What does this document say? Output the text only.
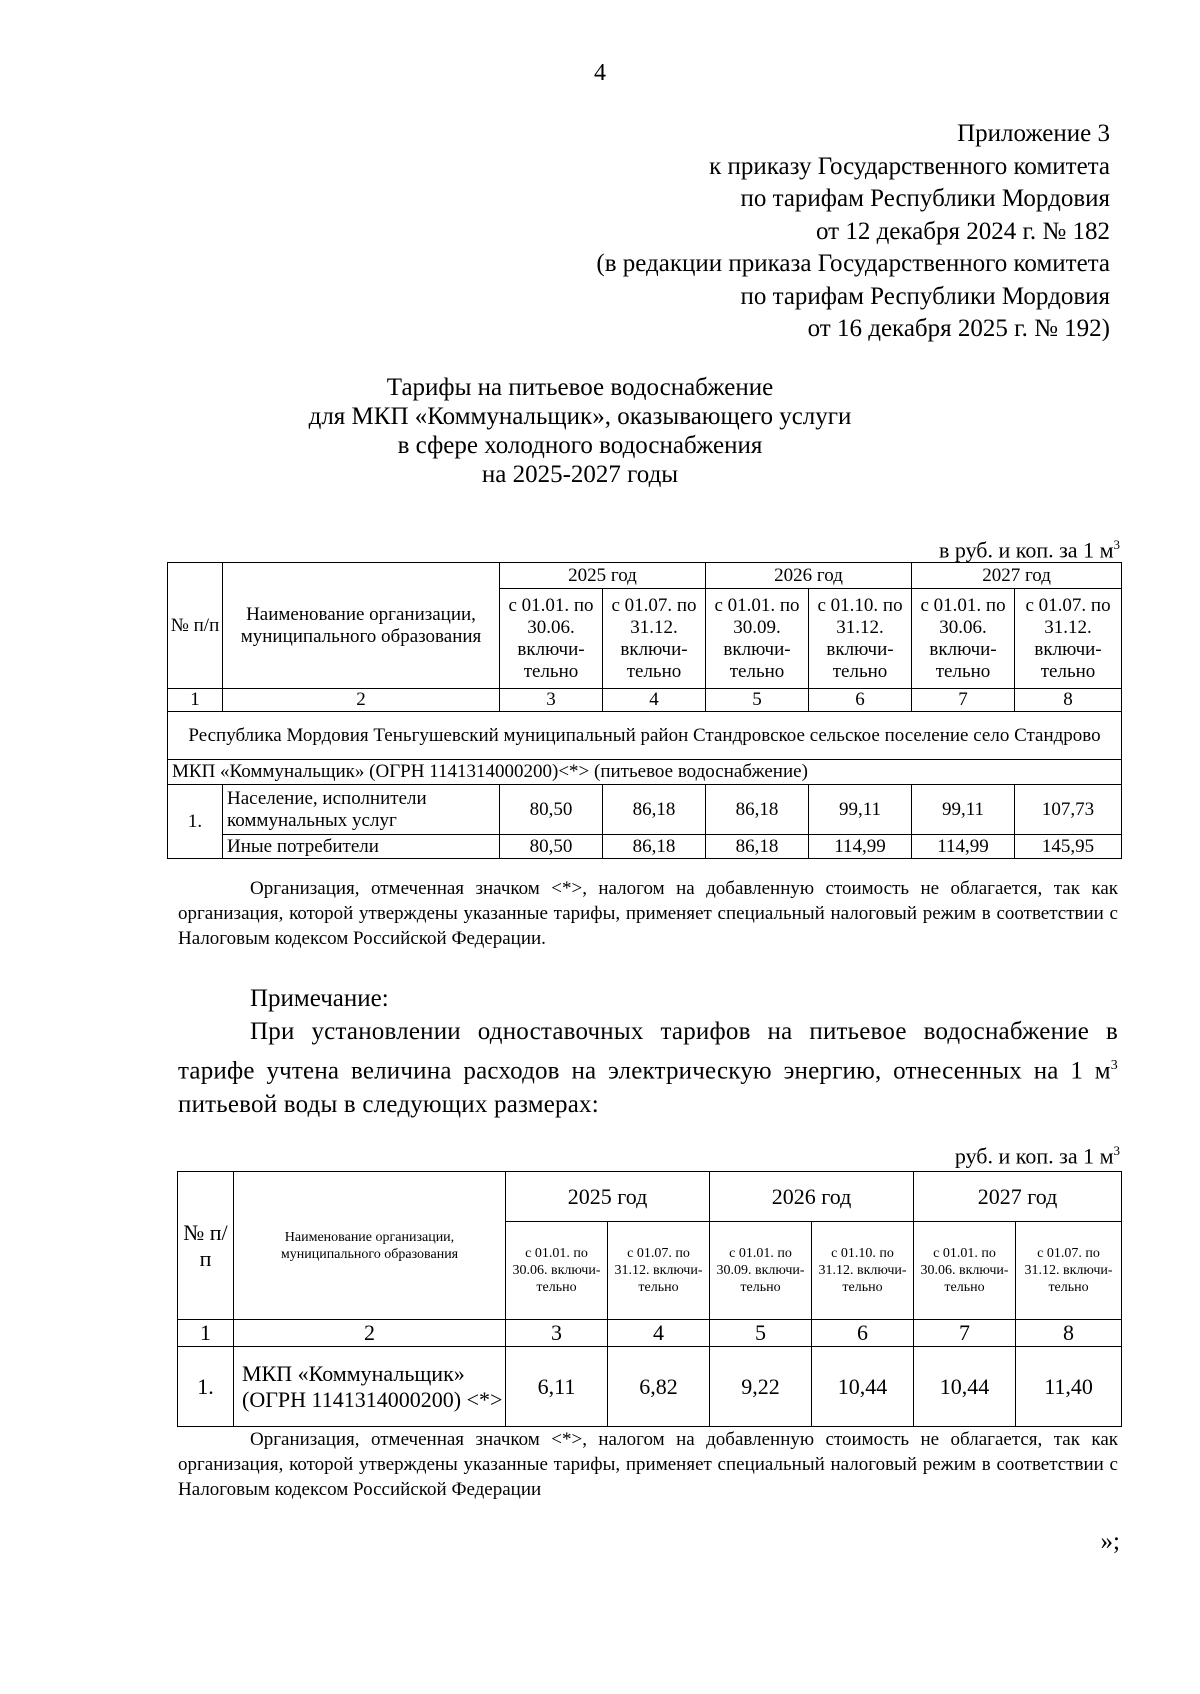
4
Приложение 3
к приказу Государственного комитета
по тарифам Республики Мордовия
от 12 декабря 2024 г. № 182
(в редакции приказа Государственного комитета
по тарифам Республики Мордовия
от 16 декабря 2025 г. № 192)
Тарифы на питьевое водоснабжение
для МКП «Коммунальщик», оказывающего услуги
в сфере холодного водоснабжения
на 2025-2027 годы
в руб. и коп. за 1 $м^3$
№ п/п	Наименование организации, муниципального образования	2025 год		2026 год		2027 год	
		с 01.01. по 30.06. включи-тельно	с 01.07. по 31.12. включи-тельно	с 01.01. по 30.09. включи-тельно	с 01.10. по 31.12. включи-тельно	с 01.01. по 30.06. включи-тельно	с 01.07. по 31.12. включи-тельно
1	2	3	4	5	6	7	8
Республика Мордовия Теньгушевский муниципальный район Стандровское сельское поселение село Стандрово							
МКП «Коммунальщик» (ОГРН 1141314000200)<*> (питьевое водоснабжение)							
1.	Население, исполнители коммунальных услуг	80,50	86,18	86,18	99,11	99,11	107,73
	Иные потребители	80,50	86,18	86,18	114,99	114,99	145,95
Организация, отмеченная значком <*>, налогом на добавленную стоимость не облагается, так как организация, которой утверждены указанные тарифы, применяет специальный налоговый режим в соответствии с Налоговым кодексом Российской Федерации.
Примечание:
При установлении одноставочных тарифов на питьевое водоснабжение в тарифе учтена величина расходов на электрическую энергию, отнесенных на 1 $м^3$ питьевой воды в следующих размерах:
руб. и коп. за 1 $м^3$
№ п/п	Наименование организации, муниципального образования	2025 год		2026 год		2027 год	
		с 01.01. по 30.06. включи-тельно	с 01.07. по 31.12. включи-тельно	с 01.01. по 30.09. включи-тельно	с 01.10. по 31.12. включи-тельно	с 01.01. по 30.06. включи-тельно	с 01.07. по 31.12. включи-тельно
1	2	3	4	5	6	7	8
1.	МКП «Коммунальщик» (ОГРН 1141314000200) <*>	6,11	6,82	9,22	10,44	10,44	11,40
Организация, отмеченная значком <*>, налогом на добавленную стоимость не облагается, так как организация, которой утверждены указанные тарифы, применяет специальный налоговый режим в соответствии с Налоговым кодексом Российской Федерации
»;
